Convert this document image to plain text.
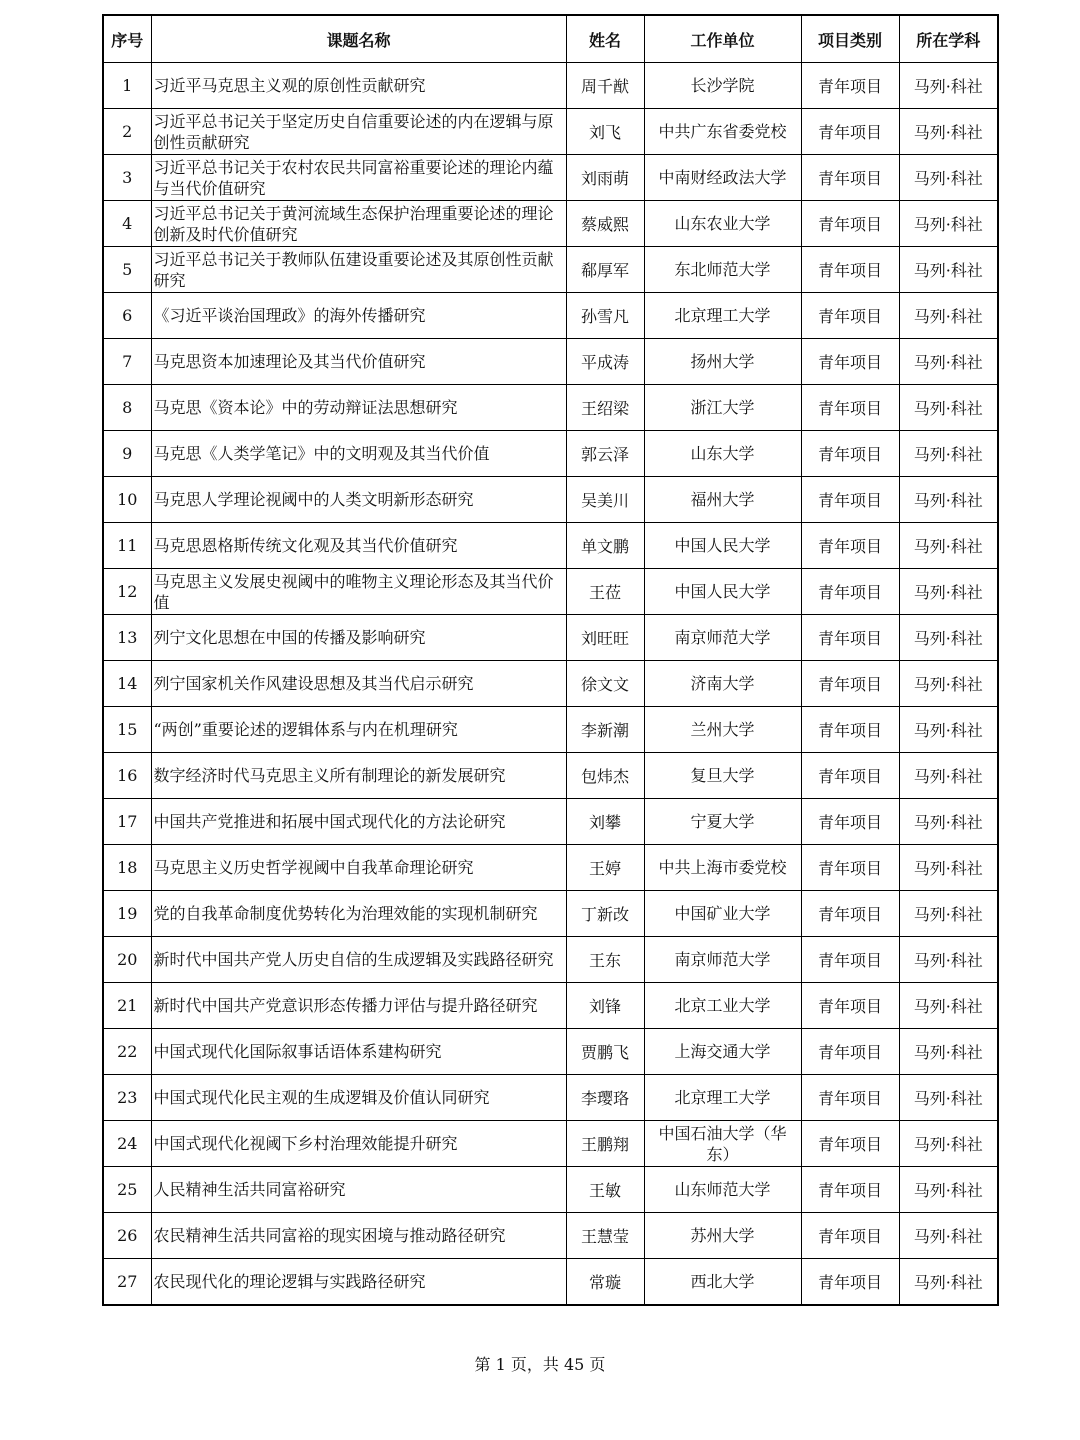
序号	课题名称	姓名	工作单位	项目类别	所在学科
1	习近平马克思主义观的原创性贡献研究	周千猷	长沙学院	青年项目	马列·科社
2	习近平总书记关于坚定历史自信重要论述的内在逻辑与原创性贡献研究	刘飞	中共广东省委党校	青年项目	马列·科社
3	习近平总书记关于农村农民共同富裕重要论述的理论内蕴与当代价值研究	刘雨萌	中南财经政法大学	青年项目	马列·科社
4	习近平总书记关于黄河流域生态保护治理重要论述的理论创新及时代价值研究	蔡威熙	山东农业大学	青年项目	马列·科社
5	习近平总书记关于教师队伍建设重要论述及其原创性贡献研究	郗厚军	东北师范大学	青年项目	马列·科社
6	《习近平谈治国理政》的海外传播研究	孙雪凡	北京理工大学	青年项目	马列·科社
7	马克思资本加速理论及其当代价值研究	平成涛	扬州大学	青年项目	马列·科社
8	马克思《资本论》中的劳动辩证法思想研究	王绍梁	浙江大学	青年项目	马列·科社
9	马克思《人类学笔记》中的文明观及其当代价值	郭云泽	山东大学	青年项目	马列·科社
10	马克思人学理论视阈中的人类文明新形态研究	吴美川	福州大学	青年项目	马列·科社
11	马克思恩格斯传统文化观及其当代价值研究	单文鹏	中国人民大学	青年项目	马列·科社
12	马克思主义发展史视阈中的唯物主义理论形态及其当代价值	王莅	中国人民大学	青年项目	马列·科社
13	列宁文化思想在中国的传播及影响研究	刘旺旺	南京师范大学	青年项目	马列·科社
14	列宁国家机关作风建设思想及其当代启示研究	徐文文	济南大学	青年项目	马列·科社
15	“两创”重要论述的逻辑体系与内在机理研究	李新潮	兰州大学	青年项目	马列·科社
16	数字经济时代马克思主义所有制理论的新发展研究	包炜杰	复旦大学	青年项目	马列·科社
17	中国共产党推进和拓展中国式现代化的方法论研究	刘攀	宁夏大学	青年项目	马列·科社
18	马克思主义历史哲学视阈中自我革命理论研究	王婷	中共上海市委党校	青年项目	马列·科社
19	党的自我革命制度优势转化为治理效能的实现机制研究	丁新改	中国矿业大学	青年项目	马列·科社
20	新时代中国共产党人历史自信的生成逻辑及实践路径研究	王东	南京师范大学	青年项目	马列·科社
21	新时代中国共产党意识形态传播力评估与提升路径研究	刘锋	北京工业大学	青年项目	马列·科社
22	中国式现代化国际叙事话语体系建构研究	贾鹏飞	上海交通大学	青年项目	马列·科社
23	中国式现代化民主观的生成逻辑及价值认同研究	李璎珞	北京理工大学	青年项目	马列·科社
24	中国式现代化视阈下乡村治理效能提升研究	王鹏翔	中国石油大学（华东）	青年项目	马列·科社
25	人民精神生活共同富裕研究	王敏	山东师范大学	青年项目	马列·科社
26	农民精神生活共同富裕的现实困境与推动路径研究	王慧莹	苏州大学	青年项目	马列·科社
27	农民现代化的理论逻辑与实践路径研究	常璇	西北大学	青年项目	马列·科社
第 1 页，共 45 页
